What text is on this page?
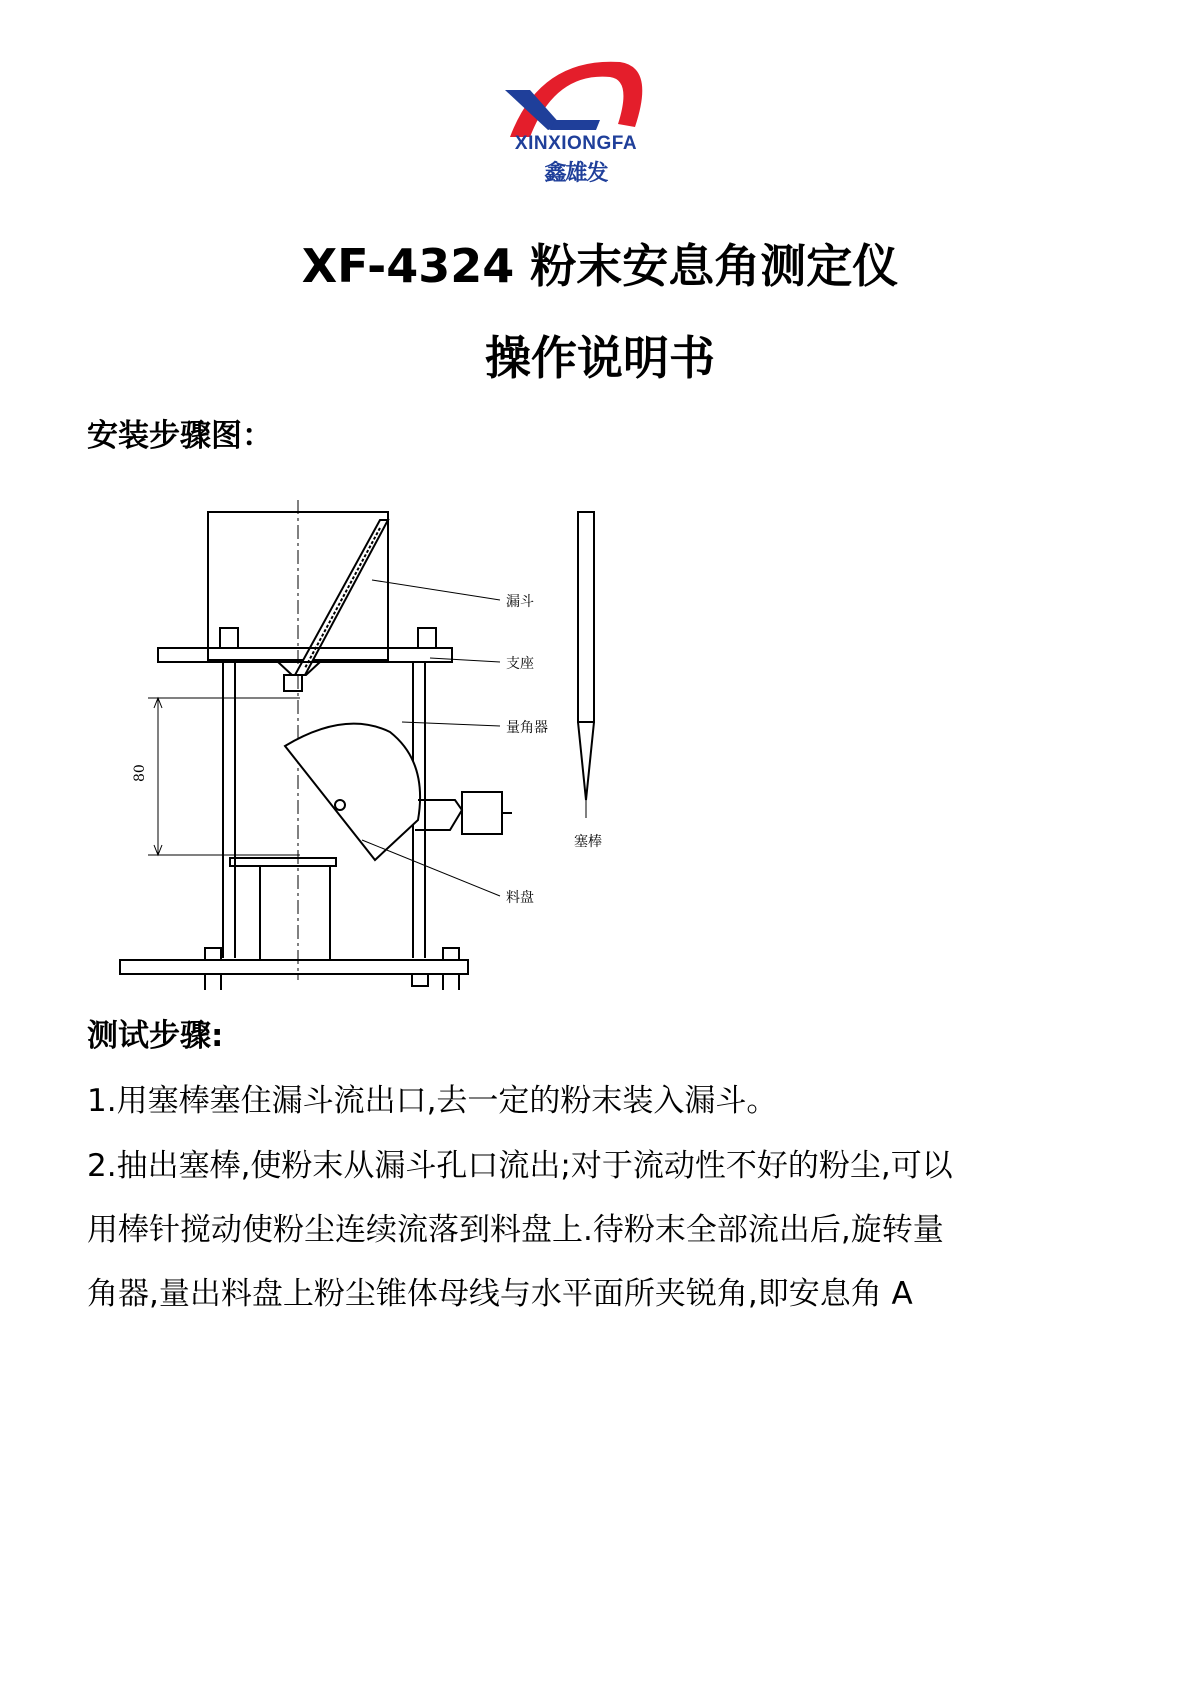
XINXIONGFA
鑫雄发
XF-4324 粉末安息角测定仪
操作说明书
安装步骤图：
漏斗
支座
量角器
料盘
塞棒
80
测试步骤:
1.用塞棒塞住漏斗流出口,去一定的粉末装入漏斗。
2.抽出塞棒,使粉末从漏斗孔口流出;对于流动性不好的粉尘,可以
用棒针搅动使粉尘连续流落到料盘上.待粉末全部流出后,旋转量
角器,量出料盘上粉尘锥体母线与水平面所夹锐角,即安息角 A
